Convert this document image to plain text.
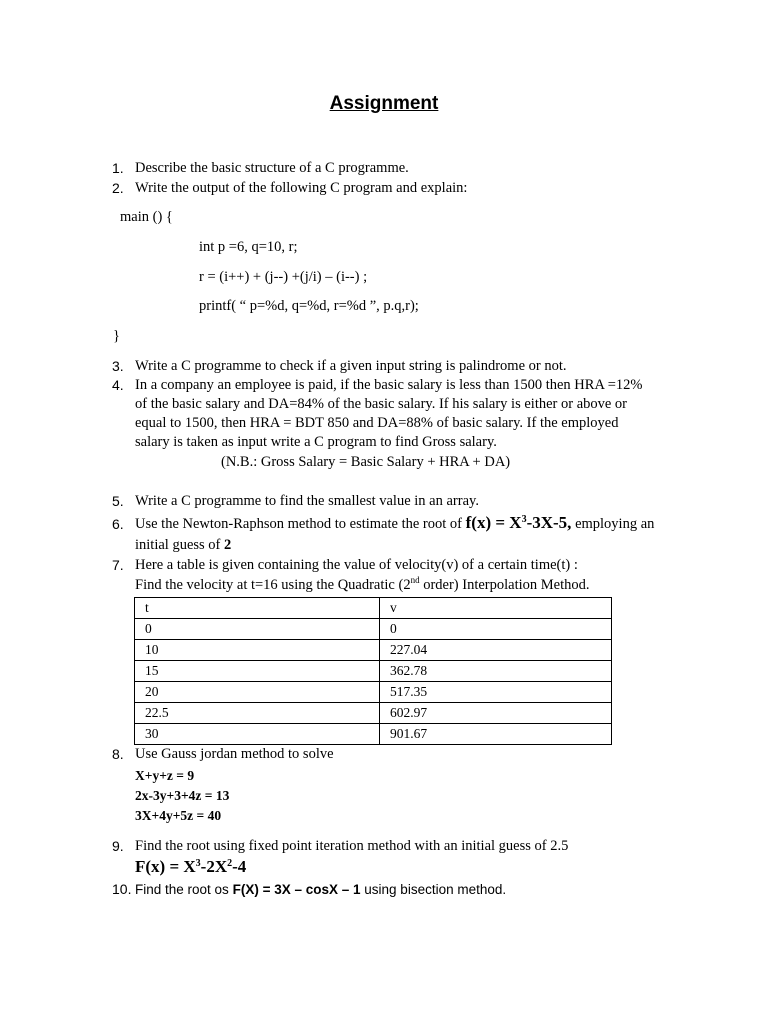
Assignment
1. Describe the basic structure of a C programme.
2. Write the output of the following C program and explain:
main () {
int p =6, q=10, r;
r = (i++) + (j--) +(j/i) – (i--) ;
printf( “ p=%d, q=%d, r=%d ”, p.q,r);
}
3. Write a C programme to check if a given input string is palindrome or not.
4. In a company an employee is paid, if the basic salary is less than 1500 then HRA =12%
of the basic salary and DA=84% of the basic salary. If his salary is either or above or
equal to 1500, then HRA = BDT 850 and DA=88% of basic salary. If the employed
salary is taken as input write a C program to find Gross salary.
(N.B.: Gross Salary = Basic Salary + HRA + DA)
5. Write a C programme to find the smallest value in an array.
6. Use the Newton-Raphson method to estimate the root of $f(x) = X^3-3X-5$, employing an
initial guess of 2
7. Here a table is given containing the value of velocity(v) of a certain time(t) :
Find the velocity at t=16 using the Quadratic (2nd order) Interpolation Method.
t	v
0	0
10	227.04
15	362.78
20	517.35
22.5	602.97
30	901.67
8. Use Gauss jordan method to solve
X+y+z = 9
2x-3y+3+4z = 13
3X+4y+5z = 40
9. Find the root using fixed point iteration method with an initial guess of 2.5
$F(x) = X^3-2X^2-4$
10. Find the root os F(X) = 3X – cosX – 1 using bisection method.
